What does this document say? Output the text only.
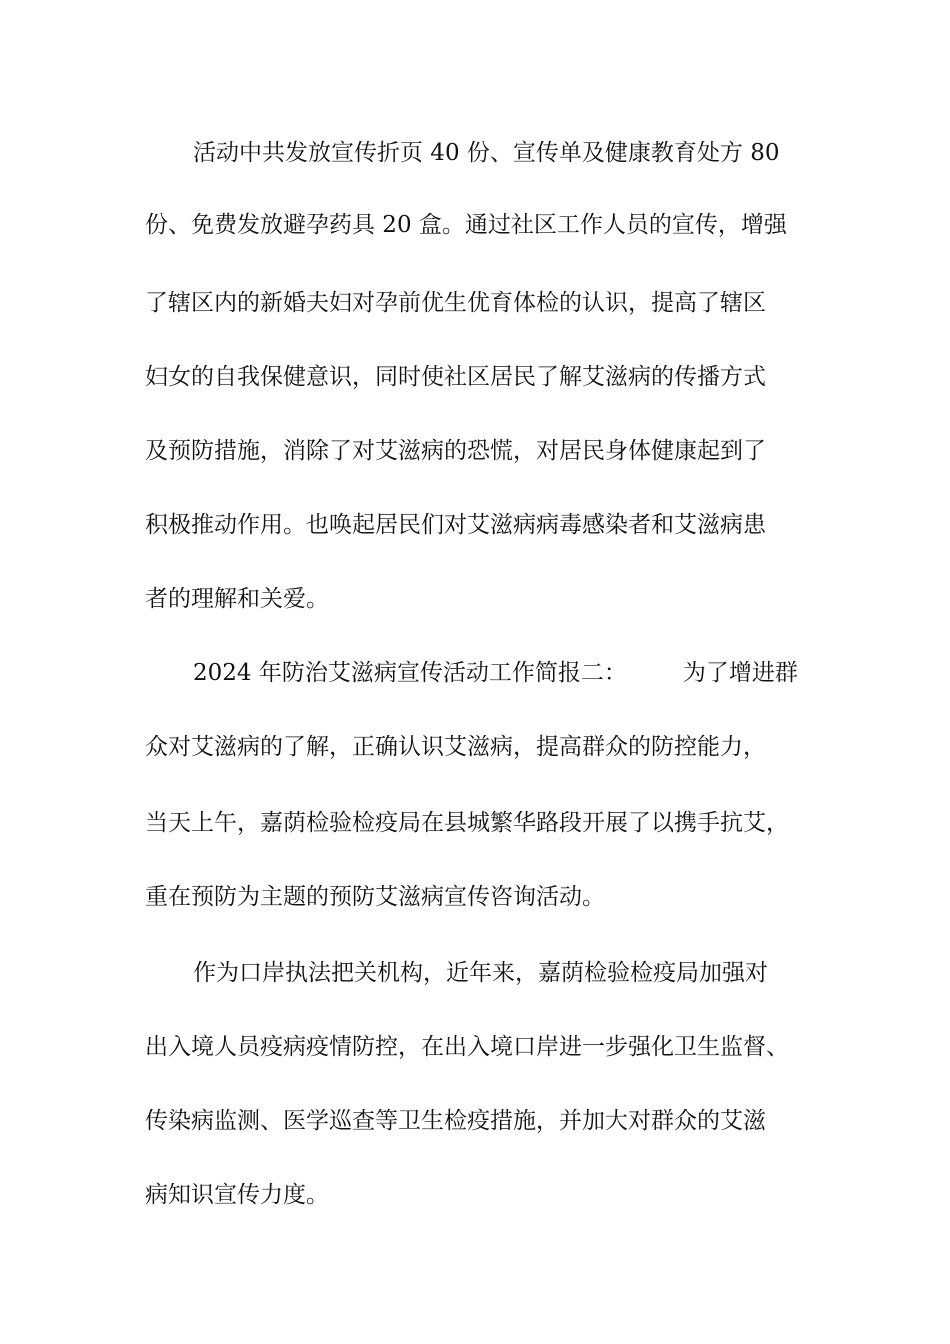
活动中共发放宣传折页 40 份、宣传单及健康教育处方 80
份、免费发放避孕药具 20 盒。通过社区工作人员的宣传，增强
了辖区内的新婚夫妇对孕前优生优育体检的认识，提高了辖区
妇女的自我保健意识，同时使社区居民了解艾滋病的传播方式
及预防措施，消除了对艾滋病的恐慌，对居民身体健康起到了
积极推动作用。也唤起居民们对艾滋病病毒感染者和艾滋病患
者的理解和关爱。
2024 年防治艾滋病宣传活动工作简报二： 为了增进群
众对艾滋病的了解，正确认识艾滋病，提高群众的防控能力，
当天上午，嘉荫检验检疫局在县城繁华路段开展了以携手抗艾，
重在预防为主题的预防艾滋病宣传咨询活动。
作为口岸执法把关机构，近年来，嘉荫检验检疫局加强对
出入境人员疫病疫情防控，在出入境口岸进一步强化卫生监督、
传染病监测、医学巡查等卫生检疫措施，并加大对群众的艾滋
病知识宣传力度。
